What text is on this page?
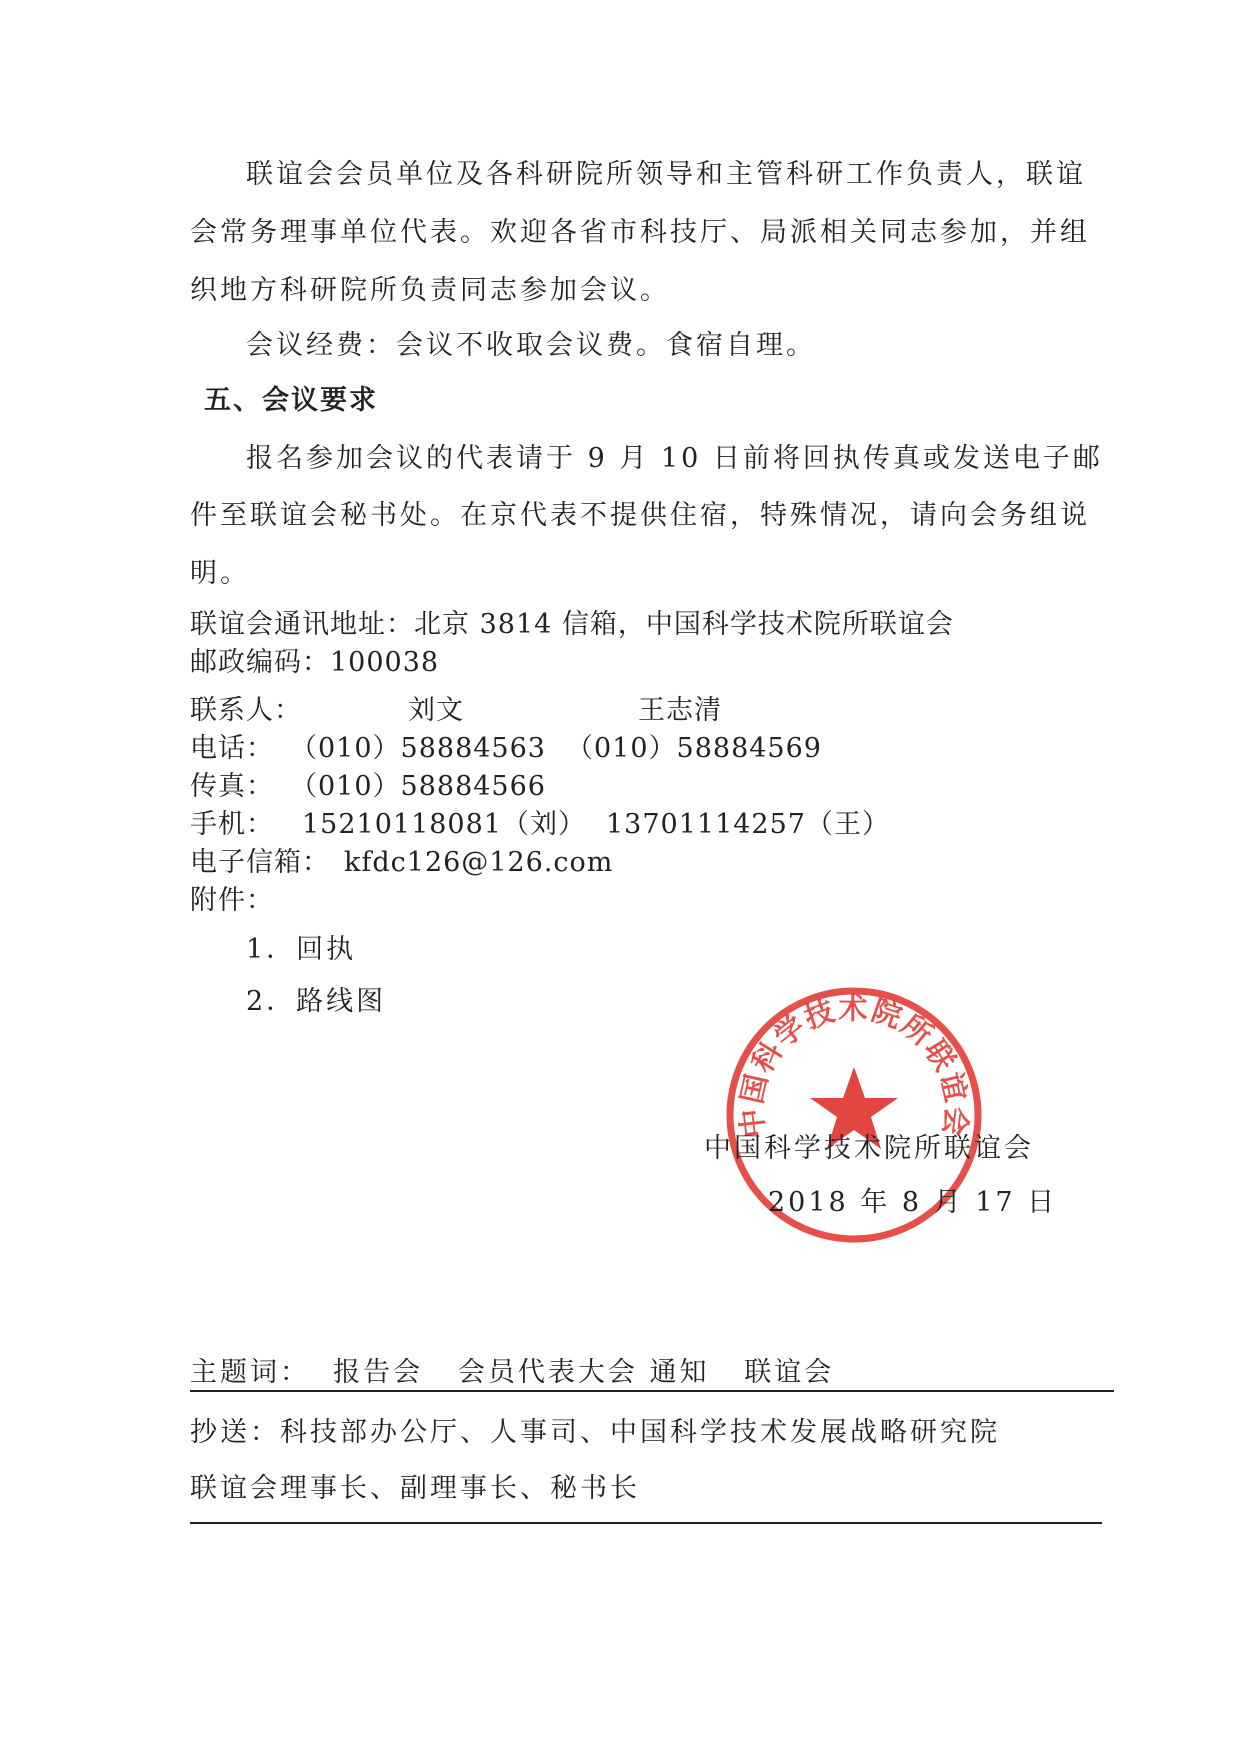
联谊会会员单位及各科研院所领导和主管科研工作负责人，联谊
会常务理事单位代表。欢迎各省市科技厅、局派相关同志参加，并组
织地方科研院所负责同志参加会议。
会议经费：会议不收取会议费。食宿自理。
五、会议要求
报名参加会议的代表请于 9 月 10 日前将回执传真或发送电子邮
件至联谊会秘书处。在京代表不提供住宿，特殊情况，请向会务组说
明。
联谊会通讯地址：北京 3814 信箱，中国科学技术院所联谊会
邮政编码：100038
联系人：	刘文	王志清
电话： （010）58884563 （010）58884569
传真： （010）58884566
手机： 15210118081（刘） 13701114257（王）
电子信箱： kfdc126@126.com
附件：
1．回执
2．路线图
中国科学技术院所联谊会
中国科学技术院所联谊会
2018 年 8 月 17 日
主题词：  报告会   会员代表大会 通知   联谊会
抄送：科技部办公厅、人事司、中国科学技术发展战略研究院
联谊会理事长、副理事长、秘书长
